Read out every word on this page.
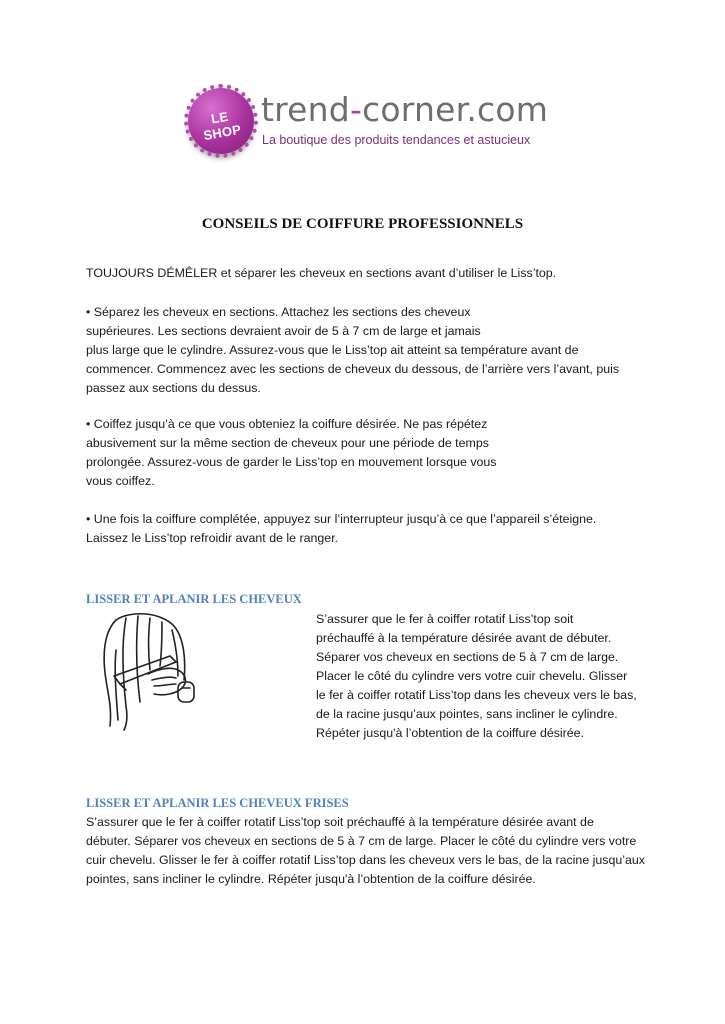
LE SHOP
trend-corner.com
La boutique des produits tendances et astucieux
CONSEILS DE COIFFURE PROFESSIONNELS

TOUJOURS DÉMÊLER et séparer les cheveux en sections avant d’utiliser le Liss’top.

• Séparez les cheveux en sections. Attachez les sections des cheveux
supérieures. Les sections devraient avoir de 5 à 7 cm de large et jamais
plus large que le cylindre. Assurez-vous que le Liss’top ait atteint sa température avant de
commencer. Commencez avec les sections de cheveux du dessous, de l’arrière vers l’avant, puis
passez aux sections du dessus.

• Coiffez jusqu’à ce que vous obteniez la coiffure désirée. Ne pas répétez
abusivement sur la même section de cheveux pour une période de temps
prolongée. Assurez-vous de garder le Liss’top en mouvement lorsque vous
vous coiffez.

• Une fois la coiffure complétée, appuyez sur l’interrupteur jusqu’à ce que l’appareil s’éteigne.
Laissez le Liss’top refroidir avant de le ranger.

LISSER ET APLANIR LES CHEVEUX

S’assurer que le fer à coiffer rotatif Liss’top soit
préchauffé à la température désirée avant de débuter.
Séparer vos cheveux en sections de 5 à 7 cm de large.
Placer le côté du cylindre vers votre cuir chevelu. Glisser
le fer à coiffer rotatif Liss’top dans les cheveux vers le bas,
de la racine jusqu’aux pointes, sans incliner le cylindre.
Répéter jusqu'à l’obtention de la coiffure désirée.

LISSER ET APLANIR LES CHEVEUX FRISES

S’assurer que le fer à coiffer rotatif Liss’top soit préchauffé à la température désirée avant de
débuter. Séparer vos cheveux en sections de 5 à 7 cm de large. Placer le côté du cylindre vers votre
cuir chevelu. Glisser le fer à coiffer rotatif Liss’top dans les cheveux vers le bas, de la racine jusqu’aux
pointes, sans incliner le cylindre. Répéter jusqu'à l’obtention de la coiffure désirée.
